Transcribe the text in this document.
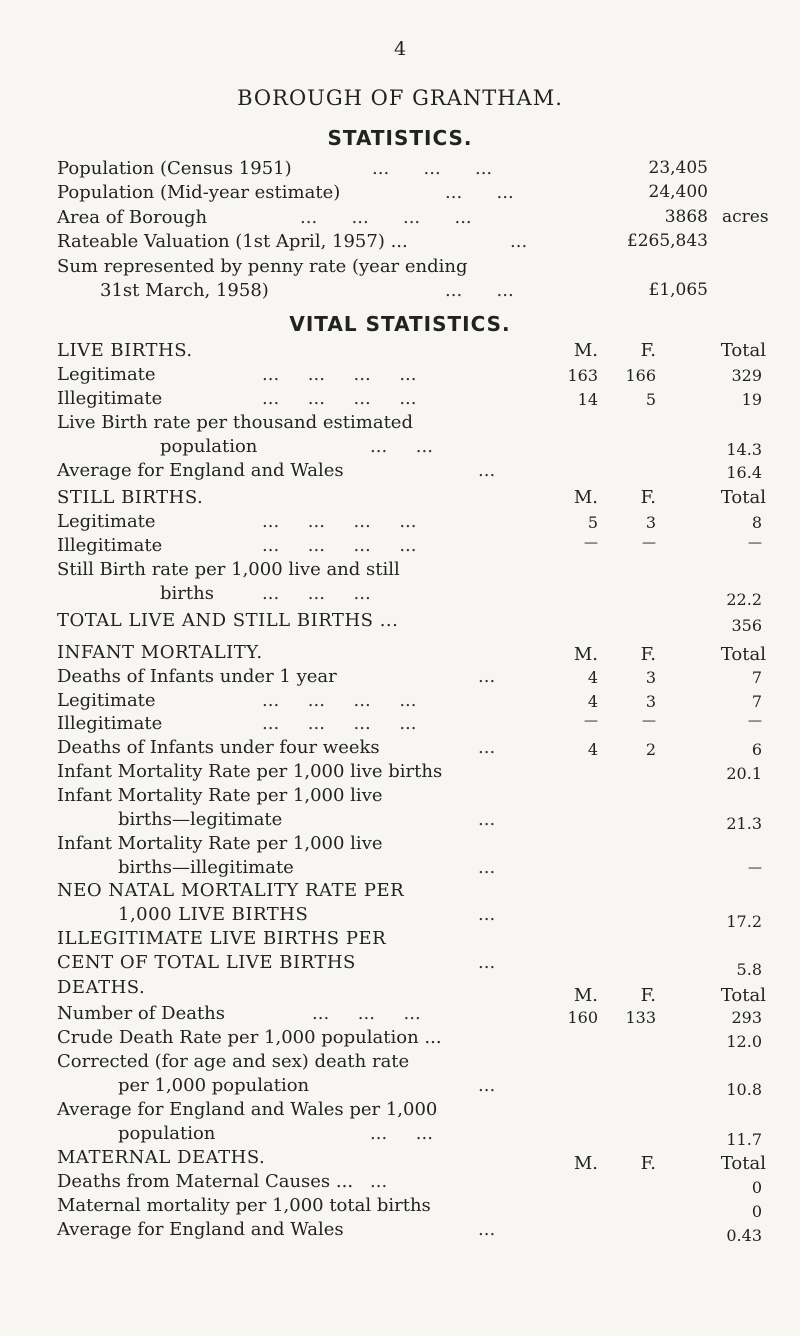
4
BOROUGH OF GRANTHAM.
STATISTICS.
Population (Census 1951)	...      ...      ...	23,405
Population (Mid-year estimate)	...      ...	24,400
Area of Borough	...      ...      ...      ...	3868 acres
Rateable Valuation (1st April, 1957) ...	...	£265,843
Sum represented by penny rate (year ending
31st March, 1958)	...      ...	£1,065
VITAL STATISTICS.
LIVE BIRTHS.	M.	F.	Total
Legitimate	...     ...     ...     ...	163	166	329
Illegitimate	...     ...     ...     ...	14	5	19
Live Birth rate per thousand estimated
population	...     ...	14.3
Average for England and Wales	...	16.4
STILL BIRTHS.	M.	F.	Total
Legitimate	...     ...     ...     ...	5	3	8
Illegitimate	...     ...     ...     ...	—	—	—
Still Birth rate per 1,000 live and still
births	...     ...     ...	22.2
TOTAL LIVE AND STILL BIRTHS ...	356
INFANT MORTALITY.	M.	F.	Total
Deaths of Infants under 1 year	...	4	3	7
Legitimate	...     ...     ...     ...	4	3	7
Illegitimate	...     ...     ...     ...	—	—	—
Deaths of Infants under four weeks	...	4	2	6
Infant Mortality Rate per 1,000 live births	20.1
Infant Mortality Rate per 1,000 live
births—legitimate	...	21.3
Infant Mortality Rate per 1,000 live
births—illegitimate	...	—
NEO NATAL MORTALITY RATE PER
1,000 LIVE BIRTHS	...	17.2
ILLEGITIMATE LIVE BIRTHS PER
CENT OF TOTAL LIVE BIRTHS	...	5.8
DEATHS.	M.	F.	Total
Number of Deaths	...     ...     ...	160	133	293
Crude Death Rate per 1,000 population ...	12.0
Corrected (for age and sex) death rate
per 1,000 population	...	10.8
Average for England and Wales per 1,000
population	...     ...	11.7
MATERNAL DEATHS.	M.	F.	Total
Deaths from Maternal Causes ... ...	0
Maternal mortality per 1,000 total births	0
Average for England and Wales	...	0.43
